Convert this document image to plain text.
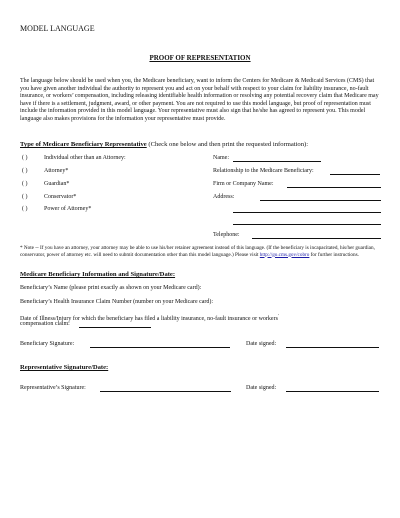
MODEL LANGUAGE
PROOF OF REPRESENTATION
The language below should be used when you, the Medicare beneficiary, want to inform the Centers for Medicare & Medicaid Services (CMS) that you have given another individual the authority to represent you and act on your behalf with respect to your claim for liability insurance, no-fault insurance, or workers’ compensation, including releasing identifiable health information or resolving any potential recovery claim that Medicare may have if there is a settlement, judgment, award, or other payment. You are not required to use this model language, but proof of representation must include the information provided in this model language. Your representative must also sign that he/she has agreed to represent you. This model language also makes provisions for the information your representative must provide.
Type of Medicare Beneficiary Representative (Check one below and then print the requested information):
( )	Individual other than an Attorney:
( )	Attorney*
( )	Guardian*
( )	Conservator*
( )	Power of Attorney*
Name:
Relationship to the Medicare Beneficiary:
Firm or Company Name:
Address:
Telephone:
* Note -- If you have an attorney, your attorney may be able to use his/her retainer agreement instead of this language. (If the beneficiary is incapacitated, his/her guardian, conservator, power of attorney etc. will need to submit documentation other than this model language.) Please visit http://go.cms.gov/cobro for further instructions.
Medicare Beneficiary Information and Signature/Date:
Beneficiary’s Name (please print exactly as shown on your Medicare card):
Beneficiary’s Health Insurance Claim Number (number on your Medicare card):
Date of Illness/Injury for which the beneficiary has filed a liability insurance, no-fault insurance or workers’
compensation claim:
Beneficiary Signature:	Date signed:
Representative Signature/Date:
Representative’s Signature:	Date signed:
